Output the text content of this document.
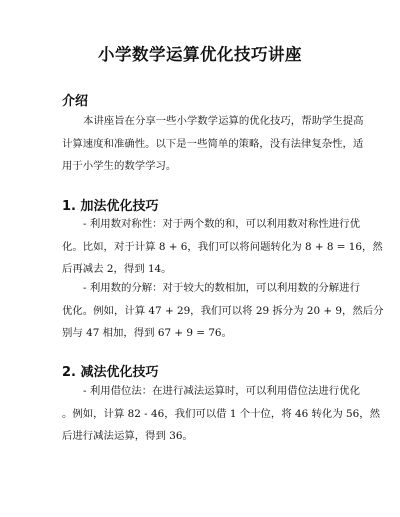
小学数学运算优化技巧讲座
介绍
本讲座旨在分享一些小学数学运算的优化技巧，帮助学生提高
计算速度和准确性。以下是一些简单的策略，没有法律复杂性，适
用于小学生的数学学习。
1. 加法优化技巧
- 利用数对称性：对于两个数的和，可以利用数对称性进行优
化。比如，对于计算 8 + 6，我们可以将问题转化为 8 + 8 = 16，然
后再减去 2，得到 14。
- 利用数的分解：对于较大的数相加，可以利用数的分解进行
优化。例如，计算 47 + 29，我们可以将 29 拆分为 20 + 9，然后分
别与 47 相加，得到 67 + 9 = 76。
2. 减法优化技巧
- 利用借位法：在进行减法运算时，可以利用借位法进行优化
。例如，计算 82 - 46，我们可以借 1 个十位，将 46 转化为 56，然
后进行减法运算，得到 36。
